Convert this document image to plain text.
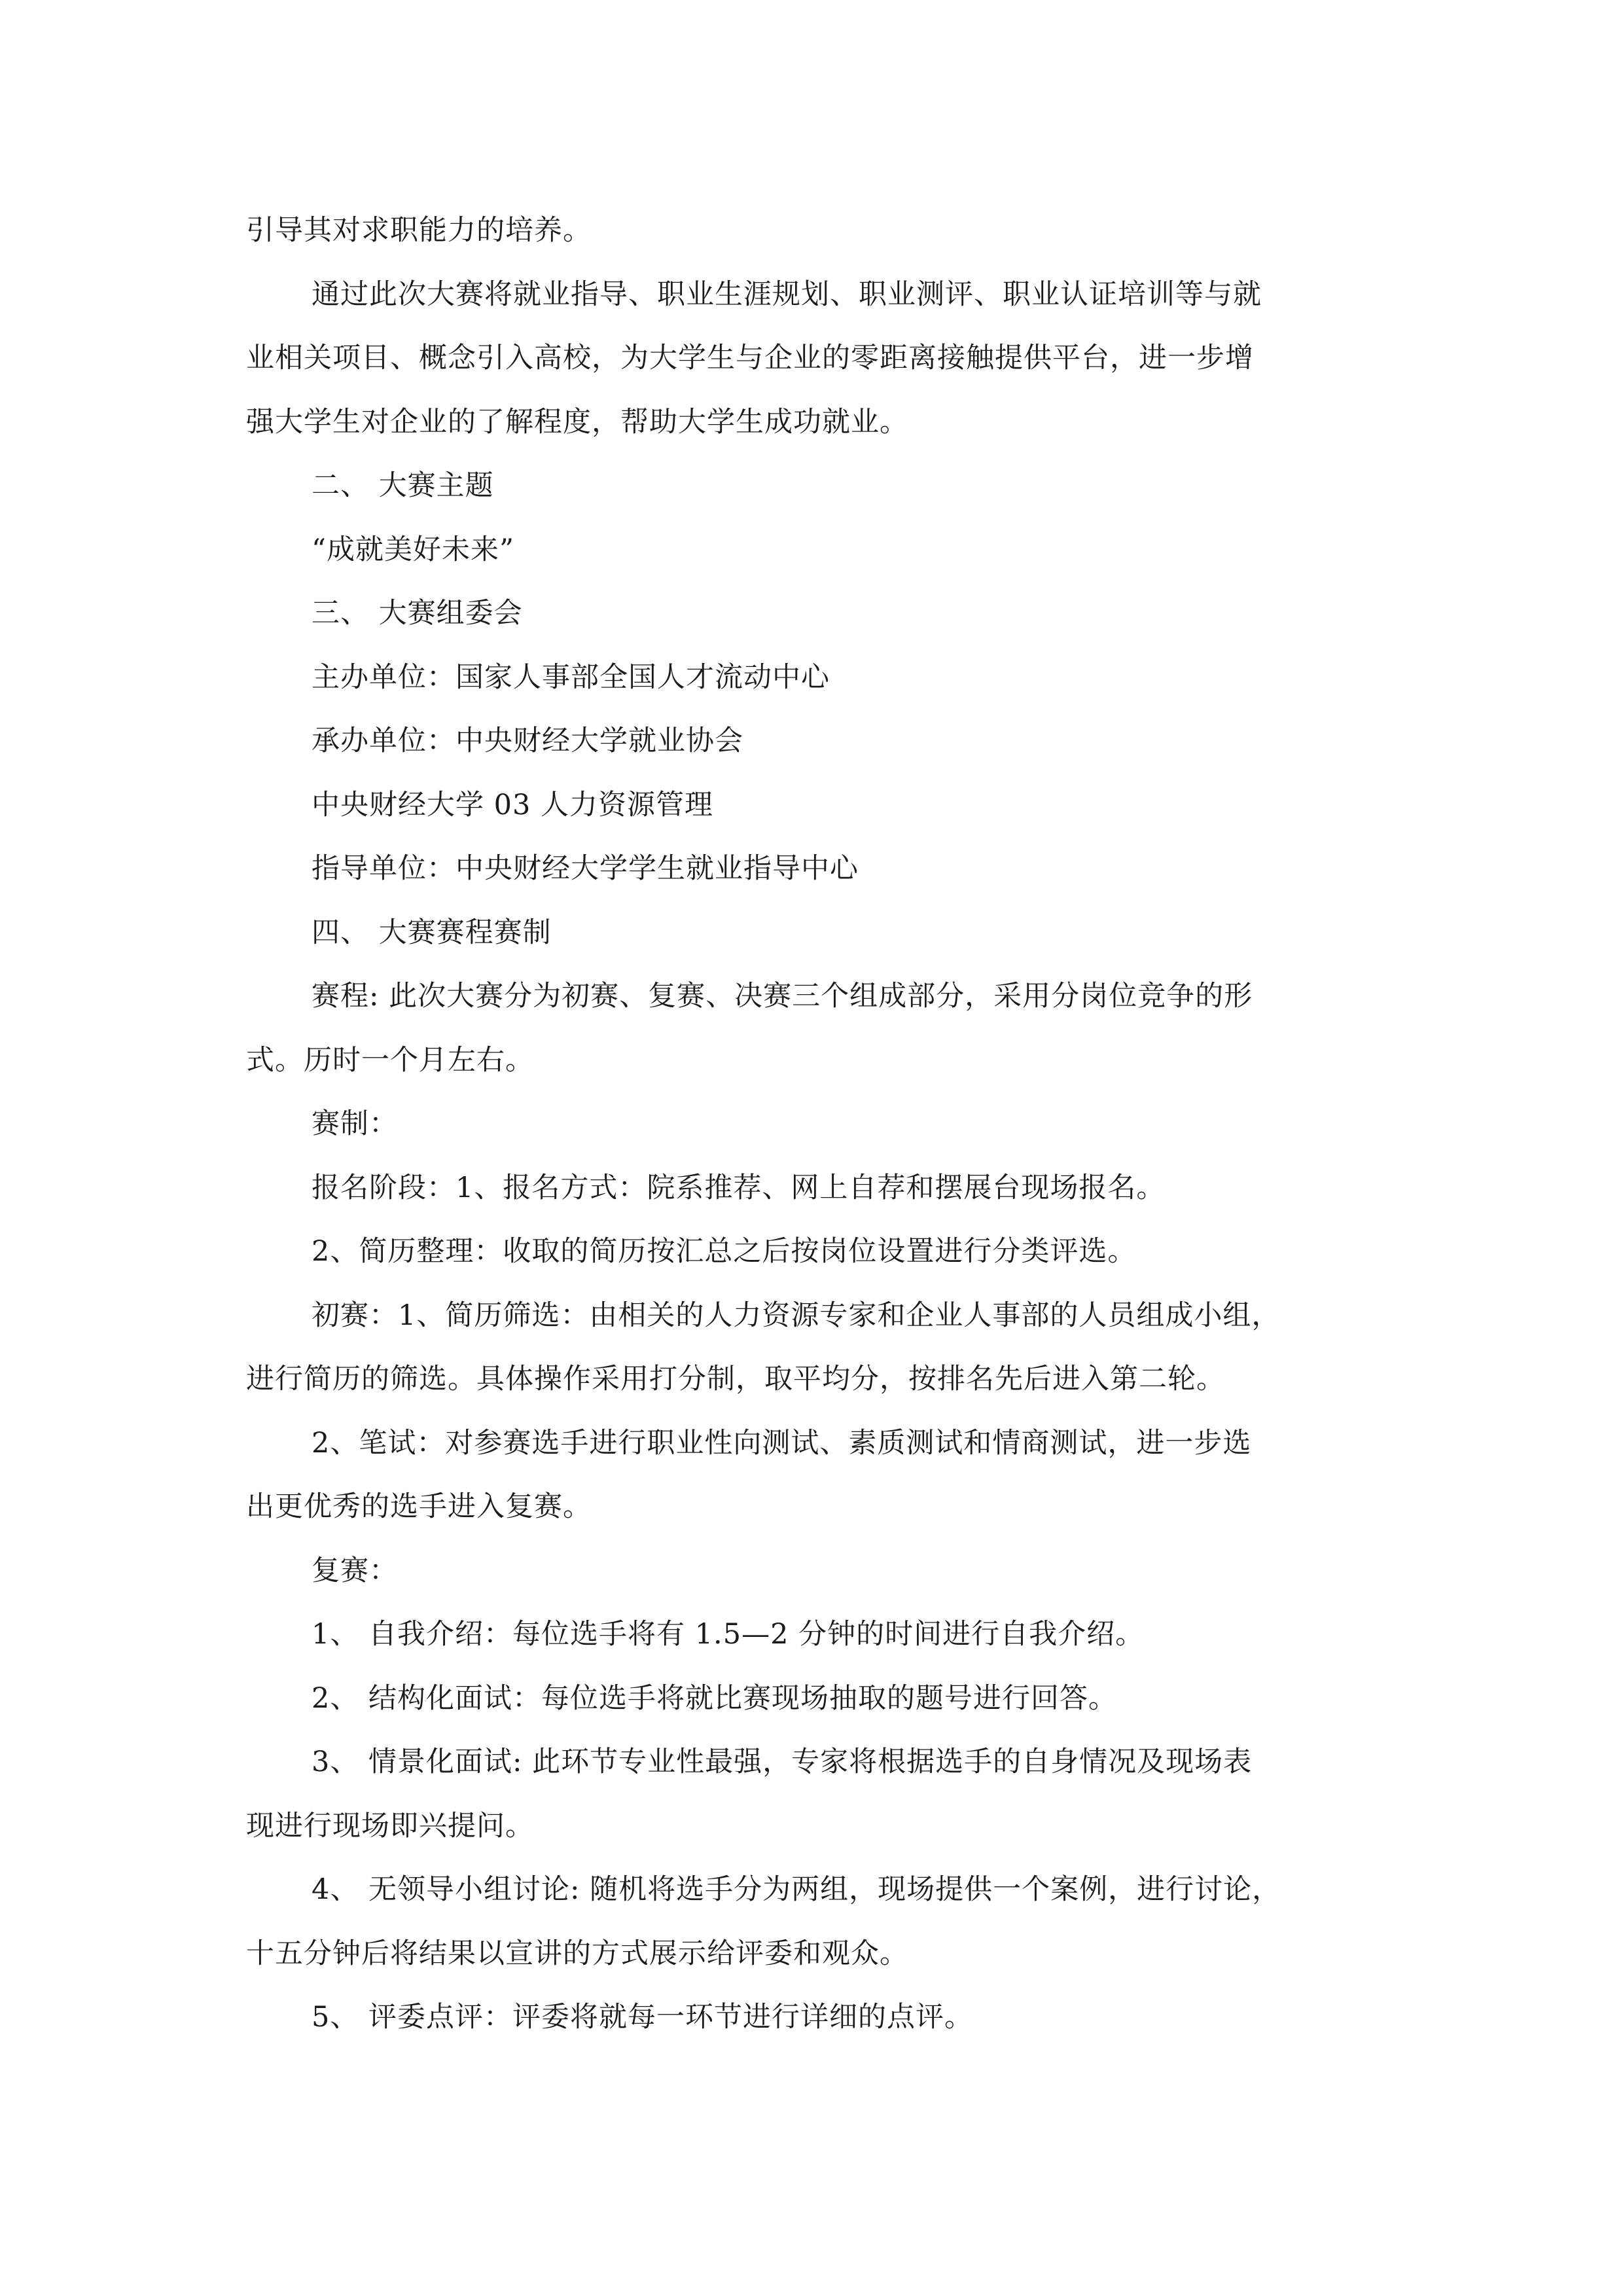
引导其对求职能力的培养。
通过此次大赛将就业指导、职业生涯规划、职业测评、职业认证培训等与就
业相关项目、概念引入高校，为大学生与企业的零距离接触提供平台，进一步增
强大学生对企业的了解程度，帮助大学生成功就业。
二、 大赛主题
“成就美好未来”
三、 大赛组委会
主办单位：国家人事部全国人才流动中心
承办单位：中央财经大学就业协会
中央财经大学 03 人力资源管理
指导单位：中央财经大学学生就业指导中心
四、 大赛赛程赛制
赛程: 此次大赛分为初赛、复赛、决赛三个组成部分，采用分岗位竞争的形
式。历时一个月左右。
赛制：
报名阶段：1、报名方式：院系推荐、网上自荐和摆展台现场报名。
2、简历整理：收取的简历按汇总之后按岗位设置进行分类评选。
初赛：1、简历筛选：由相关的人力资源专家和企业人事部的人员组成小组，
进行简历的筛选。具体操作采用打分制，取平均分，按排名先后进入第二轮。
2、笔试：对参赛选手进行职业性向测试、素质测试和情商测试，进一步选
出更优秀的选手进入复赛。
复赛：
1、 自我介绍：每位选手将有 1.5—2 分钟的时间进行自我介绍。
2、 结构化面试：每位选手将就比赛现场抽取的题号进行回答。
3、 情景化面试: 此环节专业性最强，专家将根据选手的自身情况及现场表
现进行现场即兴提问。
4、 无领导小组讨论: 随机将选手分为两组，现场提供一个案例，进行讨论，
十五分钟后将结果以宣讲的方式展示给评委和观众。
5、 评委点评：评委将就每一环节进行详细的点评。
